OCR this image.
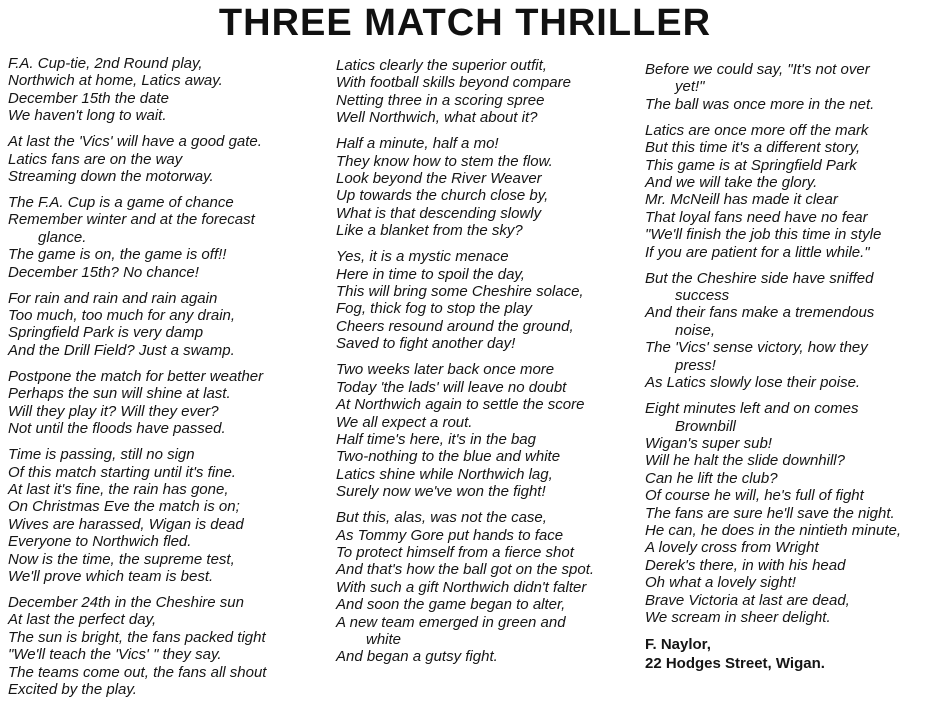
THREE MATCH THRILLER
F.A. Cup-tie, 2nd Round play,
Northwich at home, Latics away.
December 15th the date
We haven't long to wait.
At last the 'Vics' will have a good gate.
Latics fans are on the way
Streaming down the motorway.
The F.A. Cup is a game of chance
Remember winter and at the forecast
glance.
The game is on, the game is off!!
December 15th? No chance!
For rain and rain and rain again
Too much, too much for any drain,
Springfield Park is very damp
And the Drill Field? Just a swamp.
Postpone the match for better weather
Perhaps the sun will shine at last.
Will they play it? Will they ever?
Not until the floods have passed.
Time is passing, still no sign
Of this match starting until it's fine.
At last it's fine, the rain has gone,
On Christmas Eve the match is on;
Wives are harassed, Wigan is dead
Everyone to Northwich fled.
Now is the time, the supreme test,
We'll prove which team is best.
December 24th in the Cheshire sun
At last the perfect day,
The sun is bright, the fans packed tight
"We'll teach the 'Vics' " they say.
The teams come out, the fans all shout
Excited by the play.
Latics clearly the superior outfit,
With football skills beyond compare
Netting three in a scoring spree
Well Northwich, what about it?
Half a minute, half a mo!
They know how to stem the flow.
Look beyond the River Weaver
Up towards the church close by,
What is that descending slowly
Like a blanket from the sky?
Yes, it is a mystic menace
Here in time to spoil the day,
This will bring some Cheshire solace,
Fog, thick fog to stop the play
Cheers resound around the ground,
Saved to fight another day!
Two weeks later back once more
Today 'the lads' will leave no doubt
At Northwich again to settle the score
We all expect a rout.
Half time's here, it's in the bag
Two-nothing to the blue and white
Latics shine while Northwich lag,
Surely now we've won the fight!
But this, alas, was not the case,
As Tommy Gore put hands to face
To protect himself from a fierce shot
And that's how the ball got on the spot.
With such a gift Northwich didn't falter
And soon the game began to alter,
A new team emerged in green and
white
And began a gutsy fight.
Before we could say, "It's not over
yet!"
The ball was once more in the net.
Latics are once more off the mark
But this time it's a different story,
This game is at Springfield Park
And we will take the glory.
Mr. McNeill has made it clear
That loyal fans need have no fear
"We'll finish the job this time in style
If you are patient for a little while."
But the Cheshire side have sniffed
success
And their fans make a tremendous
noise,
The 'Vics' sense victory, how they
press!
As Latics slowly lose their poise.
Eight minutes left and on comes
Brownbill
Wigan's super sub!
Will he halt the slide downhill?
Can he lift the club?
Of course he will, he's full of fight
The fans are sure he'll save the night.
He can, he does in the nintieth minute,
A lovely cross from Wright
Derek's there, in with his head
Oh what a lovely sight!
Brave Victoria at last are dead,
We scream in sheer delight.
F. Naylor,
22 Hodges Street, Wigan.
